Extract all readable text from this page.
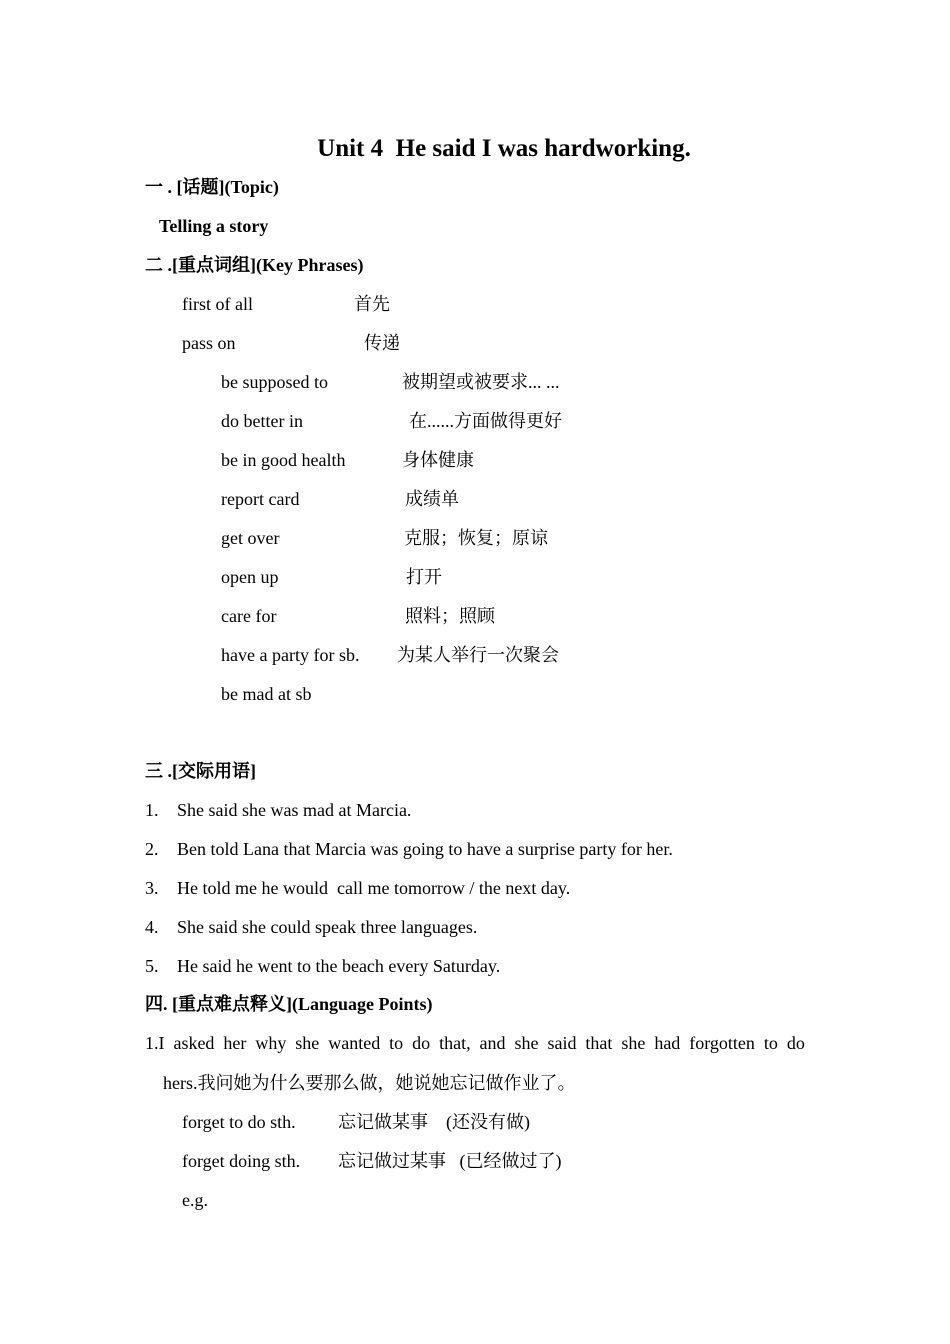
Unit 4  He said I was hardworking.
一 . [话题](Topic)
Telling a story
二 .[重点词组](Key Phrases)
first of all	首先
pass on	传递
be supposed to	被期望或被要求... ...
do better in	在......方面做得更好
be in good health	身体健康
report card	成绩单
get over	克服；恢复；原谅
open up	打开
care for	照料；照顾
have a party for sb. 为某人举行一次聚会
be mad at sb
三 .[交际用语]
1. She said she was mad at Marcia.
2. Ben told Lana that Marcia was going to have a surprise party for her.
3. He told me he would  call me tomorrow / the next day.
4. She said she could speak three languages.
5. He said he went to the beach every Saturday.
四. [重点难点释义](Language Points)
1.I asked her why she wanted to do that, and she said that she had forgotten to do
hers.我问她为什么要那么做，她说她忘记做作业了。
forget to do sth. 忘记做某事    (还没有做)
forget doing sth. 忘记做过某事   (已经做过了)
e.g.
